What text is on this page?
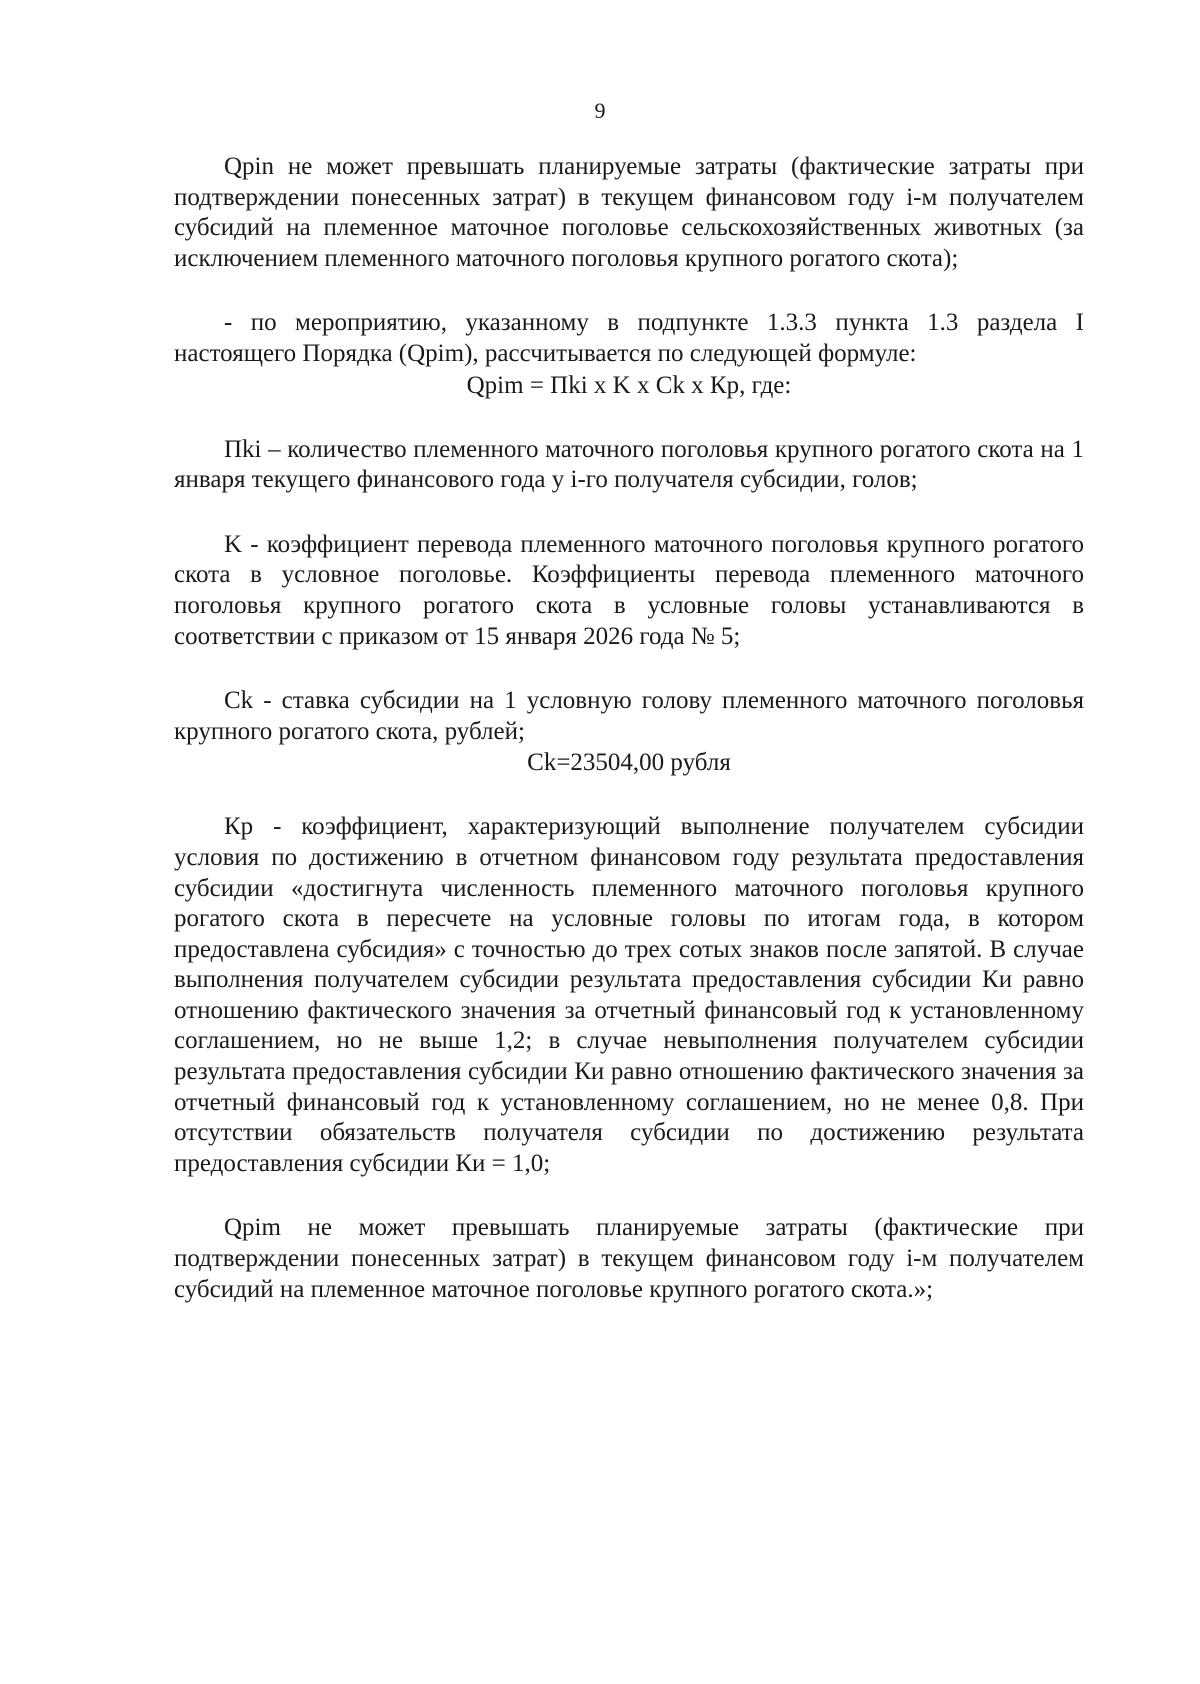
9

Qpin не может превышать планируемые затраты (фактические затраты при подтверждении понесенных затрат) в текущем финансовом году i-м получателем субсидий на племенное маточное поголовье сельскохозяйственных животных (за исключением племенного маточного поголовья крупного рогатого скота);

- по мероприятию, указанному в подпункте 1.3.3 пункта 1.3 раздела I настоящего Порядка (Qpim), рассчитывается по следующей формуле:

Qpim = Пki x K x Ck x Кр, где:

Пki – количество племенного маточного поголовья крупного рогатого скота на 1 января текущего финансового года у i-го получателя субсидии, голов;

K - коэффициент перевода племенного маточного поголовья крупного рогатого скота в условное поголовье. Коэффициенты перевода племенного маточного поголовья крупного рогатого скота в условные головы устанавливаются в соответствии с приказом от 15 января 2026 года № 5;

Ck - ставка субсидии на 1 условную голову племенного маточного поголовья крупного рогатого скота, рублей;

Ck=23504,00 рубля

Кр - коэффициент, характеризующий выполнение получателем субсидии условия по достижению в отчетном финансовом году результата предоставления субсидии «достигнута численность племенного маточного поголовья крупного рогатого скота в пересчете на условные головы по итогам года, в котором предоставлена субсидия» с точностью до трех сотых знаков после запятой. В случае выполнения получателем субсидии результата предоставления субсидии Ки равно отношению фактического значения за отчетный финансовый год к установленному соглашением, но не выше 1,2; в случае невыполнения получателем субсидии результата предоставления субсидии Ки равно отношению фактического значения за отчетный финансовый год к установленному соглашением, но не менее 0,8. При отсутствии обязательств получателя субсидии по достижению результата предоставления субсидии Ки = 1,0;

Qpim не может превышать планируемые затраты (фактические при подтверждении понесенных затрат) в текущем финансовом году i-м получателем субсидий на племенное маточное поголовье крупного рогатого скота.»;
